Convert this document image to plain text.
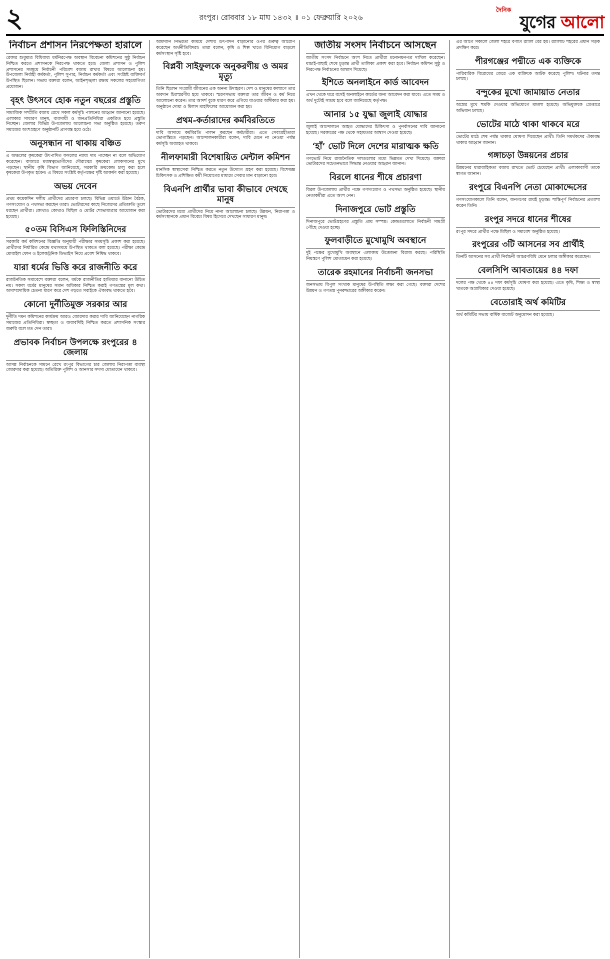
২	রংপুর। রোববার ১৮ মাঘ ১৪৩২ ॥ ০১ ফেব্রুয়ারি ২০২৬
দৈনিক
যুগের আলো
নির্বাচন প্রশাসন নিরপেক্ষতা হারালে

রেফার শুধুমাত্র বিধিবাধ্য ধর্মনিরপেক্ষ অবস্থান বিবেচনা কমিশনের সুষ্ঠু নির্বাচন নিশ্চিত করতে প্রশাসনকে নিরপেক্ষ থাকতে হবে। জেলা প্রশাসন ও পুলিশ প্রশাসনের সমন্বয়ে নির্বাচনী পরিবেশ বজায় রাখার বিষয়ে আলোচনা হয়। উপজেলা নির্বাহী কর্মকর্তা, পুলিশ সুপার, নির্বাচন কর্মকর্তা এবং সংশ্লিষ্ট ব্যক্তিবর্গ উপস্থিত ছিলেন। সভায় বক্তারা বলেন, আইনশৃঙ্খলা রক্ষায় সকলের সহযোগিতা প্রয়োজন।

বৃহৎ উৎসবে হোক নতুন বছরের প্রস্তুতি

সামাজিক সম্প্রীতি বজায় রেখে সকল কর্মসূচি পালনের আহ্বান জানানো হয়েছে। এলাকার সাধারণ মানুষ, ব্যবসায়ী ও জনপ্রতিনিধিরা একত্রিত হয়ে প্রস্তুতি নিচ্ছেন। জেলার বিভিন্ন উপজেলায় আলোচনা সভা অনুষ্ঠিত হয়েছে। তরুণ সমাজের অংশগ্রহণে অনুষ্ঠানটি প্রাণবন্ত হয়ে ওঠে।

অনুসন্ধান না থাকায় বঞ্চিত

এ অঞ্চলের কৃষকেরা উৎপাদিত ফসলের ন্যায্য দাম পাচ্ছেন না বলে অভিযোগ করেছেন। বাজারে মধ্যস্বত্বভোগীদের দৌরাত্ম্যে কৃষকেরা লোকসানের মুখে পড়ছেন। স্থানীয় কৃষি বিভাগ জানিয়েছে, সরকারি ক্রয়কেন্দ্র চালু করা হলে কৃষকেরা উপকৃত হবেন। এ বিষয়ে সংশ্লিষ্ট কর্তৃপক্ষের দৃষ্টি আকর্ষণ করা হয়েছে।

অভয় দেবেন

প্রথম কয়েকদিন দলীয় প্রার্থীদের প্রচারণা চলছে। বিভিন্ন ওয়ার্ডে উঠান বৈঠক, গণসংযোগ ও পথসভা করছেন তারা। ভোটারদের কাছে নিজেদের প্রতিশ্রুতি তুলে ধরছেন প্রার্থীরা। কোথাও কোথাও মিছিল ও মোটর শোভাযাত্রার আয়োজন করা হয়েছে।

৫০তম বিসিএস ফিলিস্তিনিদের

সরকারি কর্ম কমিশনের বিজ্ঞপ্তি অনুযায়ী পরীক্ষার সময়সূচি প্রকাশ করা হয়েছে। প্রার্থীদের নির্ধারিত কেন্দ্রে যথাসময়ে উপস্থিত থাকতে বলা হয়েছে। পরীক্ষা কেন্দ্রে মোবাইল ফোন ও ইলেকট্রনিক ডিভাইস নিয়ে প্রবেশ নিষিদ্ধ থাকবে।

যারা ধর্মের ভিত্তি করে রাজনীতি করে

রাজনৈতিক সমাবেশে বক্তারা বলেন, ধর্মকে রাজনীতির হাতিয়ার বানানো উচিত নয়। সকল ধর্মের মানুষের সমান অধিকার নিশ্চিত করাই গণতন্ত্রের মূল কথা। অসাম্প্রদায়িক চেতনা ধারণ করে দেশ গড়তে সবাইকে ঐক্যবদ্ধ থাকতে হবে।

কোনো দুর্নীতিমুক্ত সরকার আর

দুর্নীতি দমন কমিশনের কার্যক্রম আরও জোরদার করার দাবি জানিয়েছেন নাগরিক সমাজের প্রতিনিধিরা। স্বচ্ছতা ও জবাবদিহি নিশ্চিত করতে প্রশাসনিক সংস্কার জরুরি বলে মত দেন তারা।

প্রভাবক নির্বাচন উপলক্ষে রংপুরের ৪ জেলায়

আসন্ন নির্বাচনকে সামনে রেখে রংপুর বিভাগের চার জেলায় নিরাপত্তা ব্যবস্থা জোরদার করা হয়েছে। অতিরিক্ত পুলিশ ও আনসার সদস্য মোতায়েন থাকবে।

আমদানি নির্ভরতা কমিয়ে দেশীয় উৎপাদন বাড়ানোর ওপর গুরুত্ব আরোপ করেছেন অর্থনীতিবিদরা। তারা বলেন, কৃষি ও শিল্প খাতে বিনিয়োগ বাড়লে কর্মসংস্থান সৃষ্টি হবে।

বিপ্লবী সাইফুলকে অনুকরণীয় ও অমর মৃত্যু

তিনি ছিলেন সংগ্রামী জীবনের এক অনন্য উদাহরণ। দেশ ও মানুষের কল্যাণে তার অবদান চিরস্মরণীয় হয়ে থাকবে। স্মরণসভায় বক্তারা তার জীবন ও কর্ম নিয়ে আলোচনা করেন। তার আদর্শ বুকে ধারণ করে এগিয়ে যাওয়ার অঙ্গীকার করা হয়। অনুষ্ঠানে দোয়া ও মিলাদ মাহফিলের আয়োজন করা হয়।

প্রথম-কর্তারাদের কর্মবিরতিতে

দাবি আদায়ে কর্মবিরতি পালন করছেন কর্মচারীরা। এতে সেবাগ্রহীতারা ভোগান্তিতে পড়ছেন। আন্দোলনকারীরা বলেন, দাবি মেনে না নেওয়া পর্যন্ত কর্মসূচি অব্যাহত থাকবে।

নীলফামারী বিশেষায়িত মেন্টাল কমিশন

মানসিক স্বাস্থ্যসেবা নিশ্চিত করতে নতুন উদ্যোগ গ্রহণ করা হয়েছে। বিশেষজ্ঞ চিকিৎসক ও প্রশিক্ষিত কর্মী নিয়োগের মাধ্যমে সেবার মান বাড়ানো হবে।

বিএনপি প্রার্থীর ভাবা কীভাবে দেখছে মানুষ

ভোটারদের মধ্যে প্রার্থীদের নিয়ে নানা আলোচনা চলছে। উন্নয়ন, নিরাপত্তা ও কর্মসংস্থানকে প্রধান বিবেচ্য বিষয় হিসেবে দেখছেন সাধারণ মানুষ।

জাতীয় সংসদ নির্বাচনে আসছেন

জাতীয় সংসদ নির্বাচনে অংশ নিতে প্রার্থীরা মনোনয়নপত্র দাখিল করেছেন। যাচাই-বাছাই শেষে চূড়ান্ত প্রার্থী তালিকা প্রকাশ করা হবে। নির্বাচন কমিশন সুষ্ঠু ও নিরপেক্ষ নির্বাচনের আশ্বাস দিয়েছে।

ইশিতে অনলাইনে কার্ড আবেদন

এখন থেকে ঘরে বসেই অনলাইনে কার্ডের জন্য আবেদন করা যাবে। এতে সময় ও অর্থ দুটোই সাশ্রয় হবে বলে জানিয়েছে কর্তৃপক্ষ।

আনার ১৫ যুদ্ধা জুলাই যোদ্ধার

জুলাই আন্দোলনে আহত যোদ্ধাদের চিকিৎসা ও পুনর্বাসনের দাবি জানানো হয়েছে। সরকারের পক্ষ থেকে সহায়তার আশ্বাস দেওয়া হয়েছে।

‘হাঁ’ ভোট দিলে দেশের মারাত্মক ক্ষতি

গণভোট নিয়ে রাজনৈতিক দলগুলোর মধ্যে ভিন্নমত দেখা দিয়েছে। বক্তারা ভোটারদের সচেতনভাবে সিদ্ধান্ত নেওয়ার আহ্বান জানান।

বিরলে ধানের শীষে প্রচারণা

বিরল উপজেলায় প্রার্থীর পক্ষে গণসংযোগ ও পথসভা অনুষ্ঠিত হয়েছে। স্থানীয় নেতাকর্মীরা এতে অংশ নেন।

দিনাজপুরে ভোট প্রস্তুতি

দিনাজপুরে ভোটগ্রহণের প্রস্তুতি প্রায় সম্পন্ন। কেন্দ্রগুলোতে নির্বাচনী সামগ্রী পৌঁছে দেওয়া হচ্ছে।

ফুলবাড়ীতে মুখোমুখি অবস্থানে

দুই পক্ষের মুখোমুখি অবস্থানে এলাকায় উত্তেজনা বিরাজ করছে। পরিস্থিতি নিয়ন্ত্রণে পুলিশ মোতায়েন করা হয়েছে।

তারেক রহমানের নির্বাচনী জনসভা

জনসভায় বিপুল সংখ্যক মানুষের উপস্থিতি লক্ষ্য করা গেছে। বক্তারা দেশের উন্নয়ন ও গণতন্ত্র পুনরুদ্ধারের অঙ্গীকার করেন।

এর আগে সকালে জেলা শহরে বর্ণাঢ্য র‍্যালি বের হয়। র‍্যালিটি শহরের প্রধান সড়ক প্রদক্ষিণ করে।

পীরগঞ্জের পদ্মীতে এক ব্যক্তিকে

পারিবারিক বিরোধের জেরে এক ব্যক্তিকে আটক করেছে পুলিশ। ঘটনার তদন্ত চলছে।

বন্দুকের মুখো জামায়াত নেতার

অস্ত্রের মুখে হুমকি দেওয়ার অভিযোগে মামলা হয়েছে। অভিযুক্তকে গ্রেপ্তারে অভিযান চলছে।

ভোটের মাঠে থাকা থাকবে মরে

ভোটের মাঠে শেষ পর্যন্ত থাকার ঘোষণা দিয়েছেন প্রার্থী। তিনি সমর্থকদের ঐক্যবদ্ধ থাকার আহ্বান জানান।

গঙ্গাচড়া উন্নয়নের প্রচার

উন্নয়নের ধারাবাহিকতা বজায় রাখতে ভোট চেয়েছেন প্রার্থী। এলাকাবাসী তাকে স্বাগত জানান।

রংপুরে বিএনপি নেতা মোকাদ্দেসের

গণসংযোগকালে তিনি বলেন, জনগণের রায়ই চূড়ান্ত। শান্তিপূর্ণ নির্বাচনের প্রত্যাশা করেন তিনি।

রংপুর সদরে ধানের শীষের

রংপুর সদরে প্রার্থীর পক্ষে মিছিল ও সমাবেশ অনুষ্ঠিত হয়েছে।

রংপুরের ৩টি আসনের সব প্রার্থীই

তিনটি আসনের সব প্রার্থী নির্বাচনী আচরণবিধি মেনে চলার অঙ্গীকার করেছেন।

বেলসিপি আবতায়ের ৪৪ দফা

দলের পক্ষ থেকে ৪৪ দফা কর্মসূচি ঘোষণা করা হয়েছে। এতে কৃষি, শিক্ষা ও স্বাস্থ্য খাতকে অগ্রাধিকার দেওয়া হয়েছে।

বেতোরাই অর্থ কমিটির

অর্থ কমিটির সভায় বার্ষিক বাজেট অনুমোদন করা হয়েছে।
